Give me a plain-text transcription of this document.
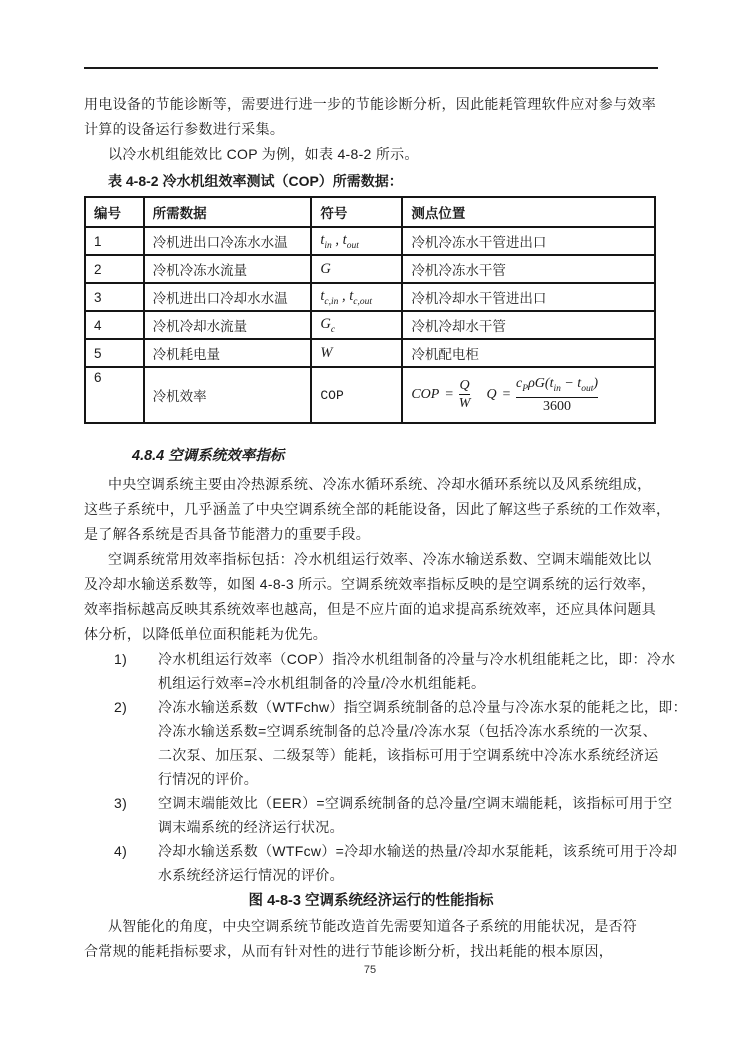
用电设备的节能诊断等，需要进行进一步的节能诊断分析，因此能耗管理软件应对参与效率
计算的设备运行参数进行采集。
以冷水机组能效比 COP 为例，如表 4-8-2 所示。
表 4-8-2 冷水机组效率测试（COP）所需数据：
编号	所需数据	符号	测点位置
1	冷机进出口冷冻水水温	$t_{in}$ , $t_{out}$	冷机冷冻水干管进出口
2	冷机冷冻水流量	G	冷机冷冻水干管
3	冷机进出口冷却水水温	$t_{c,in}$ , $t_{c,out}$	冷机冷却水干管进出口
4	冷机冷却水流量	$G_c$	冷机冷却水干管
5	冷机耗电量	W	冷机配电柜
6	冷机效率	COP	COP = $\frac{Q}{W}$ $Q = \frac{c_P\rho G(t_{in} - t_{out})}{3600}$
4.8.4 空调系统效率指标
中央空调系统主要由冷热源系统、冷冻水循环系统、冷却水循环系统以及风系统组成，
这些子系统中，几乎涵盖了中央空调系统全部的耗能设备，因此了解这些子系统的工作效率，
是了解各系统是否具备节能潜力的重要手段。
空调系统常用效率指标包括：冷水机组运行效率、冷冻水输送系数、空调末端能效比以
及冷却水输送系数等，如图 4-8-3 所示。空调系统效率指标反映的是空调系统的运行效率，
效率指标越高反映其系统效率也越高，但是不应片面的追求提高系统效率，还应具体问题具
体分析，以降低单位面积能耗为优先。
1) 冷水机组运行效率（COP）指冷水机组制备的冷量与冷水机组能耗之比，即：冷水
机组运行效率=冷水机组制备的冷量/冷水机组能耗。
2) 冷冻水输送系数（WTFchw）指空调系统制备的总冷量与冷冻水泵的能耗之比，即：
冷冻水输送系数=空调系统制备的总冷量/冷冻水泵（包括冷冻水系统的一次泵、
二次泵、加压泵、二级泵等）能耗，该指标可用于空调系统中冷冻水系统经济运
行情况的评价。
3) 空调末端能效比（EER）=空调系统制备的总冷量/空调末端能耗，该指标可用于空
调末端系统的经济运行状况。
4) 冷却水输送系数（WTFcw）=冷却水输送的热量/冷却水泵能耗，该系统可用于冷却
水系统经济运行情况的评价。
图 4-8-3 空调系统经济运行的性能指标
从智能化的角度，中央空调系统节能改造首先需要知道各子系统的用能状况，是否符
合常规的能耗指标要求，从而有针对性的进行节能诊断分析，找出耗能的根本原因，
75
